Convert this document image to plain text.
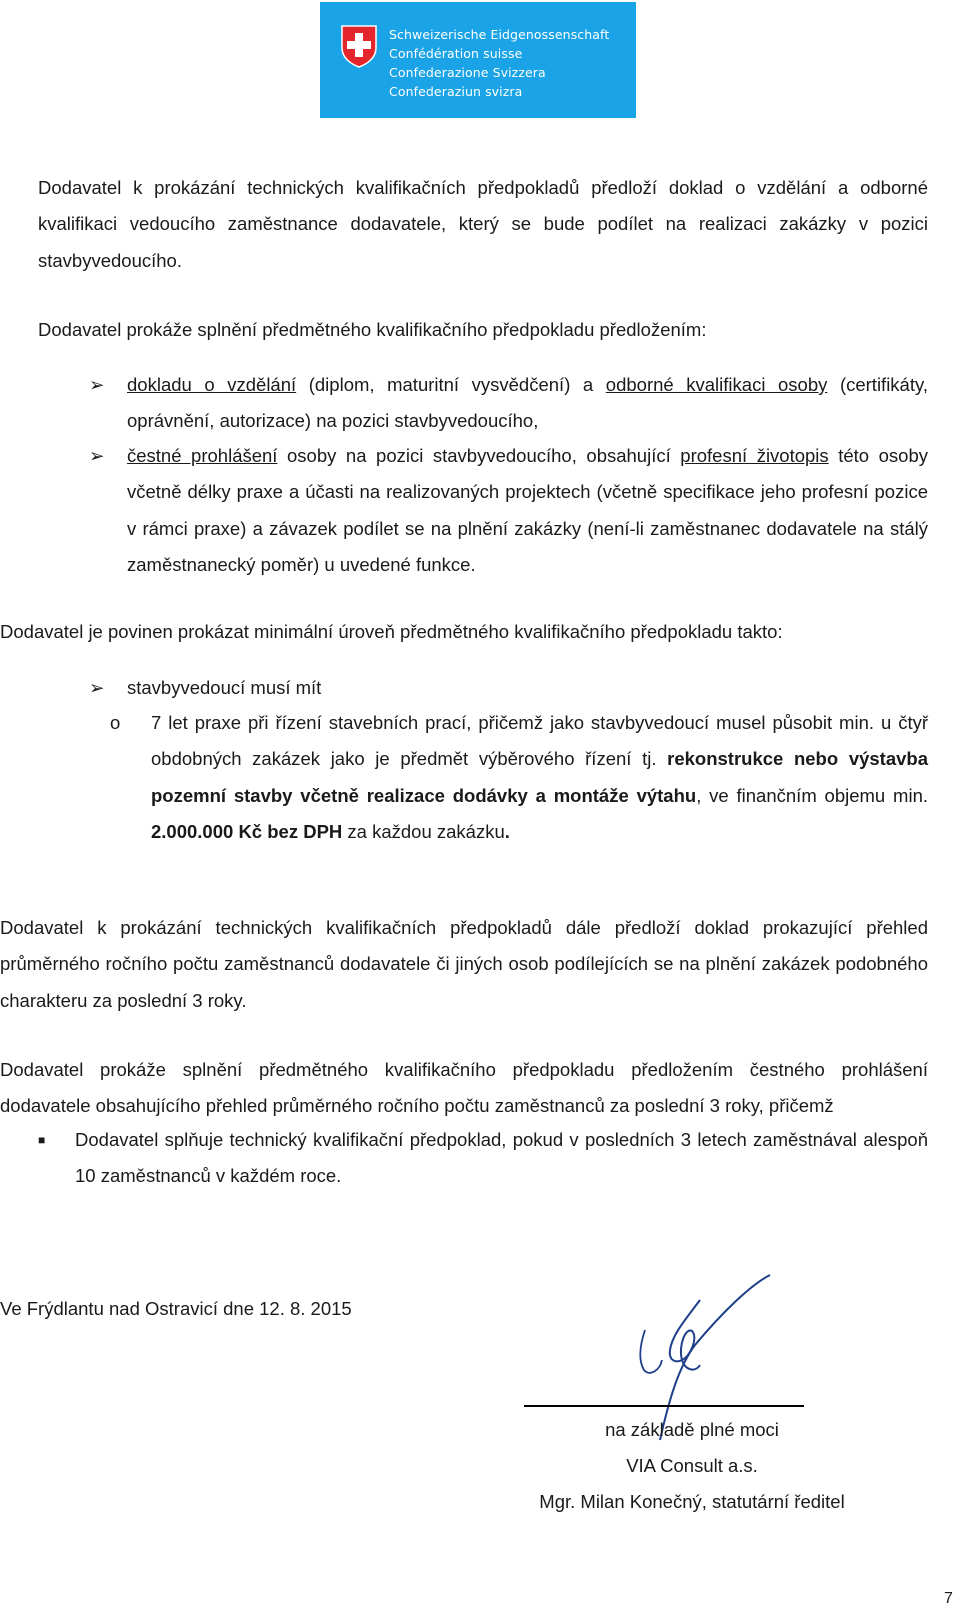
Schweizerische Eidgenossenschaft
Confédération suisse
Confederazione Svizzera
Confederaziun svizra

Dodavatel k prokázání technických kvalifikačních předpokladů předloží doklad o vzdělání a odborné kvalifikaci vedoucího zaměstnance dodavatele, který se bude podílet na realizaci zakázky v pozici stavbyvedoucího.

Dodavatel prokáže splnění předmětného kvalifikačního předpokladu předložením:

➢ dokladu o vzdělání (diplom, maturitní vysvědčení) a odborné kvalifikaci osoby (certifikáty, oprávnění, autorizace) na pozici stavbyvedoucího,

➢ čestné prohlášení osoby na pozici stavbyvedoucího, obsahující profesní životopis této osoby včetně délky praxe a účasti na realizovaných projektech (včetně specifikace jeho profesní pozice v rámci praxe) a závazek podílet se na plnění zakázky (není-li zaměstnanec dodavatele na stálý zaměstnanecký poměr) u uvedené funkce.

Dodavatel je povinen prokázat minimální úroveň předmětného kvalifikačního předpokladu takto:

➢ stavbyvedoucí musí mít

o 7 let praxe při řízení stavebních prací, přičemž jako stavbyvedoucí musel působit min. u čtyř obdobných zakázek jako je předmět výběrového řízení tj. rekonstrukce nebo výstavba pozemní stavby včetně realizace dodávky a montáže výtahu, ve finančním objemu min. 2.000.000 Kč bez DPH za každou zakázku.

Dodavatel k prokázání technických kvalifikačních předpokladů dále předloží doklad prokazující přehled průměrného ročního počtu zaměstnanců dodavatele či jiných osob podílejících se na plnění zakázek podobného charakteru za poslední 3 roky.

Dodavatel prokáže splnění předmětného kvalifikačního předpokladu předložením čestného prohlášení dodavatele obsahujícího přehled průměrného ročního počtu zaměstnanců za poslední 3 roky, přičemž

■ Dodavatel splňuje technický kvalifikační předpoklad, pokud v posledních 3 letech zaměstnával alespoň 10 zaměstnanců v každém roce.

Ve Frýdlantu nad Ostravicí dne 12. 8. 2015

na základě plné moci
VIA Consult a.s.
Mgr. Milan Konečný, statutární ředitel
7
